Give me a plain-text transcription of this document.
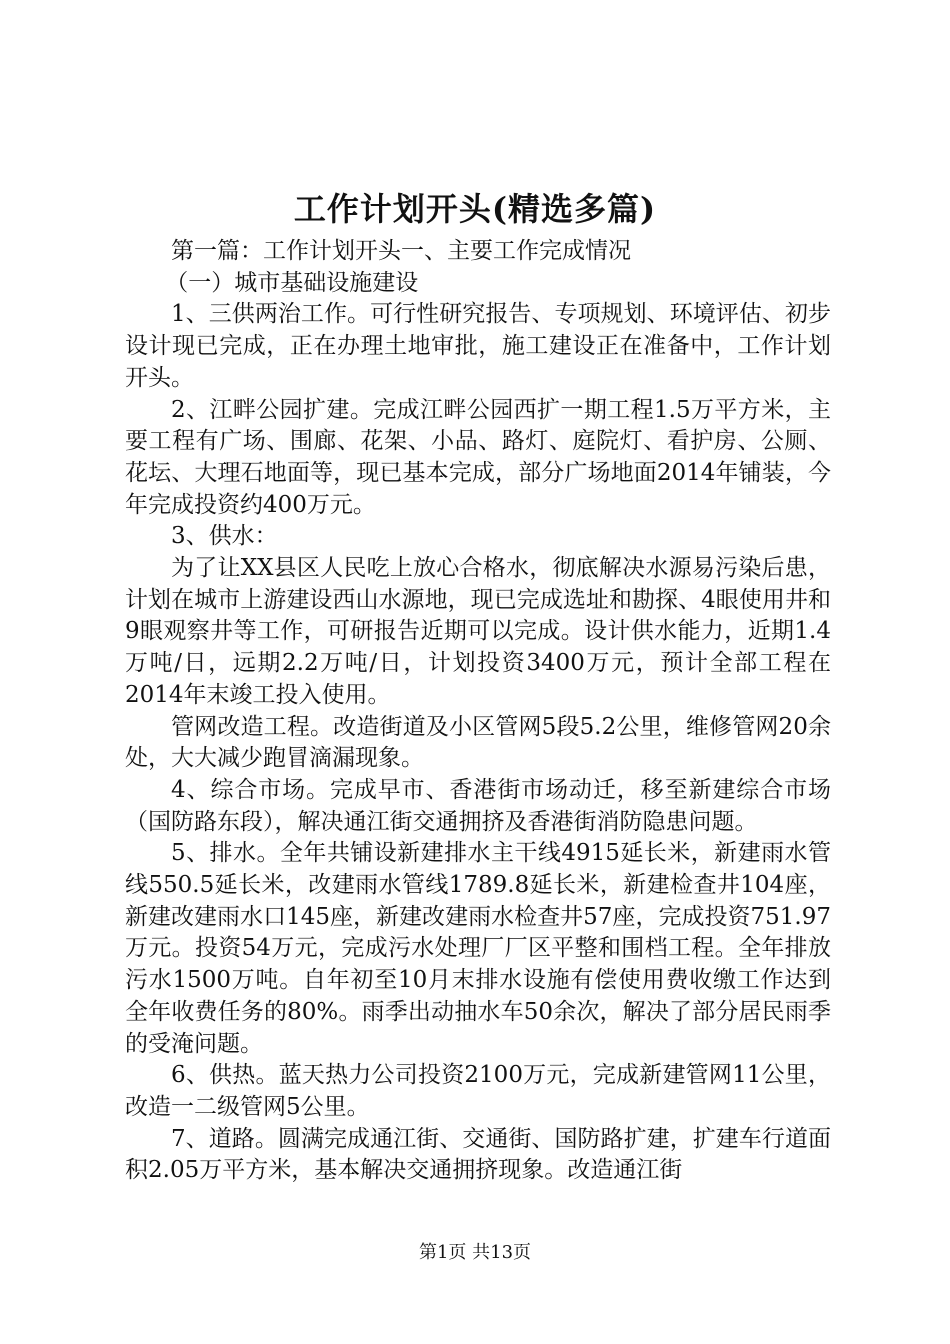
工作计划开头(精选多篇)

第一篇：工作计划开头一、主要工作完成情况

（一）城市基础设施建设

1、三供两治工作。可行性研究报告、专项规划、环境评估、初步设计现已完成，正在办理土地审批，施工建设正在准备中，工作计划开头。

2、江畔公园扩建。完成江畔公园西扩一期工程1.5万平方米，主要工程有广场、围廊、花架、小品、路灯、庭院灯、看护房、公厕、花坛、大理石地面等，现已基本完成，部分广场地面2014年铺装，今年完成投资约400万元。

3、供水：

为了让XX县区人民吃上放心合格水，彻底解决水源易污染后患，计划在城市上游建设西山水源地，现已完成选址和勘探、4眼使用井和9眼观察井等工作，可研报告近期可以完成。设计供水能力，近期1.4万吨/日，远期2.2万吨/日，计划投资3400万元，预计全部工程在2014年末竣工投入使用。

管网改造工程。改造街道及小区管网5段5.2公里，维修管网20余处，大大减少跑冒滴漏现象。

4、综合市场。完成早市、香港街市场动迁，移至新建综合市场（国防路东段），解决通江街交通拥挤及香港街消防隐患问题。

5、排水。全年共铺设新建排水主干线4915延长米，新建雨水管线550.5延长米，改建雨水管线1789.8延长米，新建检查井104座，新建改建雨水口145座，新建改建雨水检查井57座，完成投资751.97万元。投资54万元，完成污水处理厂厂区平整和围档工程。全年排放污水1500万吨。自年初至10月末排水设施有偿使用费收缴工作达到全年收费任务的80%。雨季出动抽水车50余次，解决了部分居民雨季的受淹问题。

6、供热。蓝天热力公司投资2100万元，完成新建管网11公里，改造一二级管网5公里。

7、道路。圆满完成通江街、交通街、国防路扩建，扩建车行道面积2.05万平方米，基本解决交通拥挤现象。改造通江街

第1页 共13页
